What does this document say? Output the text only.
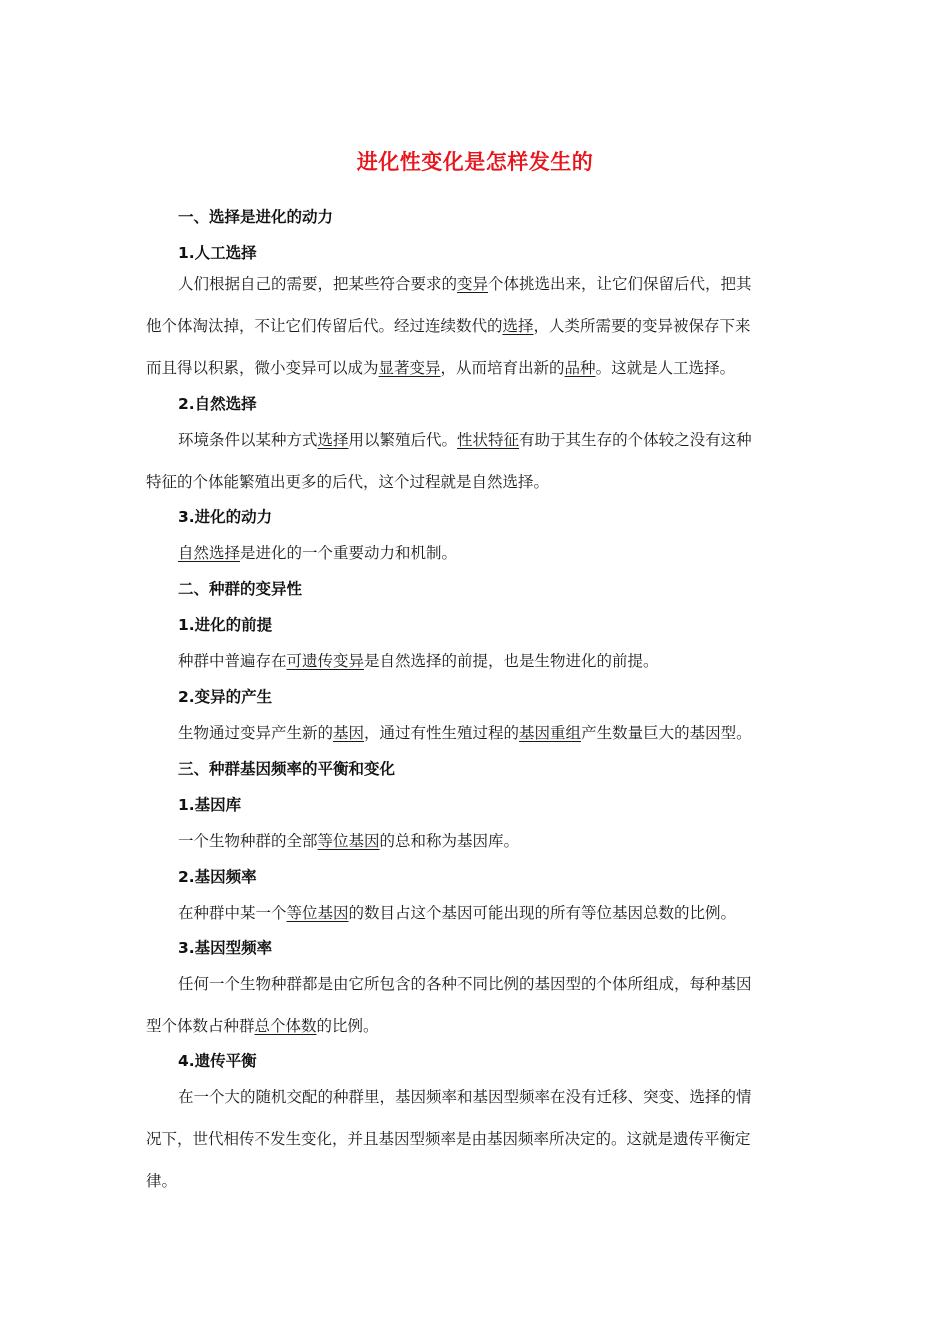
进化性变化是怎样发生的
一、选择是进化的动力
1.人工选择
人们根据自己的需要，把某些符合要求的变异个体挑选出来，让它们保留后代，把其
他个体淘汰掉，不让它们传留后代。经过连续数代的选择，人类所需要的变异被保存下来
而且得以积累，微小变异可以成为显著变异，从而培育出新的品种。这就是人工选择。
2.自然选择
环境条件以某种方式选择用以繁殖后代。性状特征有助于其生存的个体较之没有这种
特征的个体能繁殖出更多的后代，这个过程就是自然选择。
3.进化的动力
自然选择是进化的一个重要动力和机制。
二、种群的变异性
1.进化的前提
种群中普遍存在可遗传变异是自然选择的前提，也是生物进化的前提。
2.变异的产生
生物通过变异产生新的基因，通过有性生殖过程的基因重组产生数量巨大的基因型。
三、种群基因频率的平衡和变化
1.基因库
一个生物种群的全部等位基因的总和称为基因库。
2.基因频率
在种群中某一个等位基因的数目占这个基因可能出现的所有等位基因总数的比例。
3.基因型频率
任何一个生物种群都是由它所包含的各种不同比例的基因型的个体所组成，每种基因
型个体数占种群总个体数的比例。
4.遗传平衡
在一个大的随机交配的种群里，基因频率和基因型频率在没有迁移、突变、选择的情
况下，世代相传不发生变化，并且基因型频率是由基因频率所决定的。这就是遗传平衡定
律。
